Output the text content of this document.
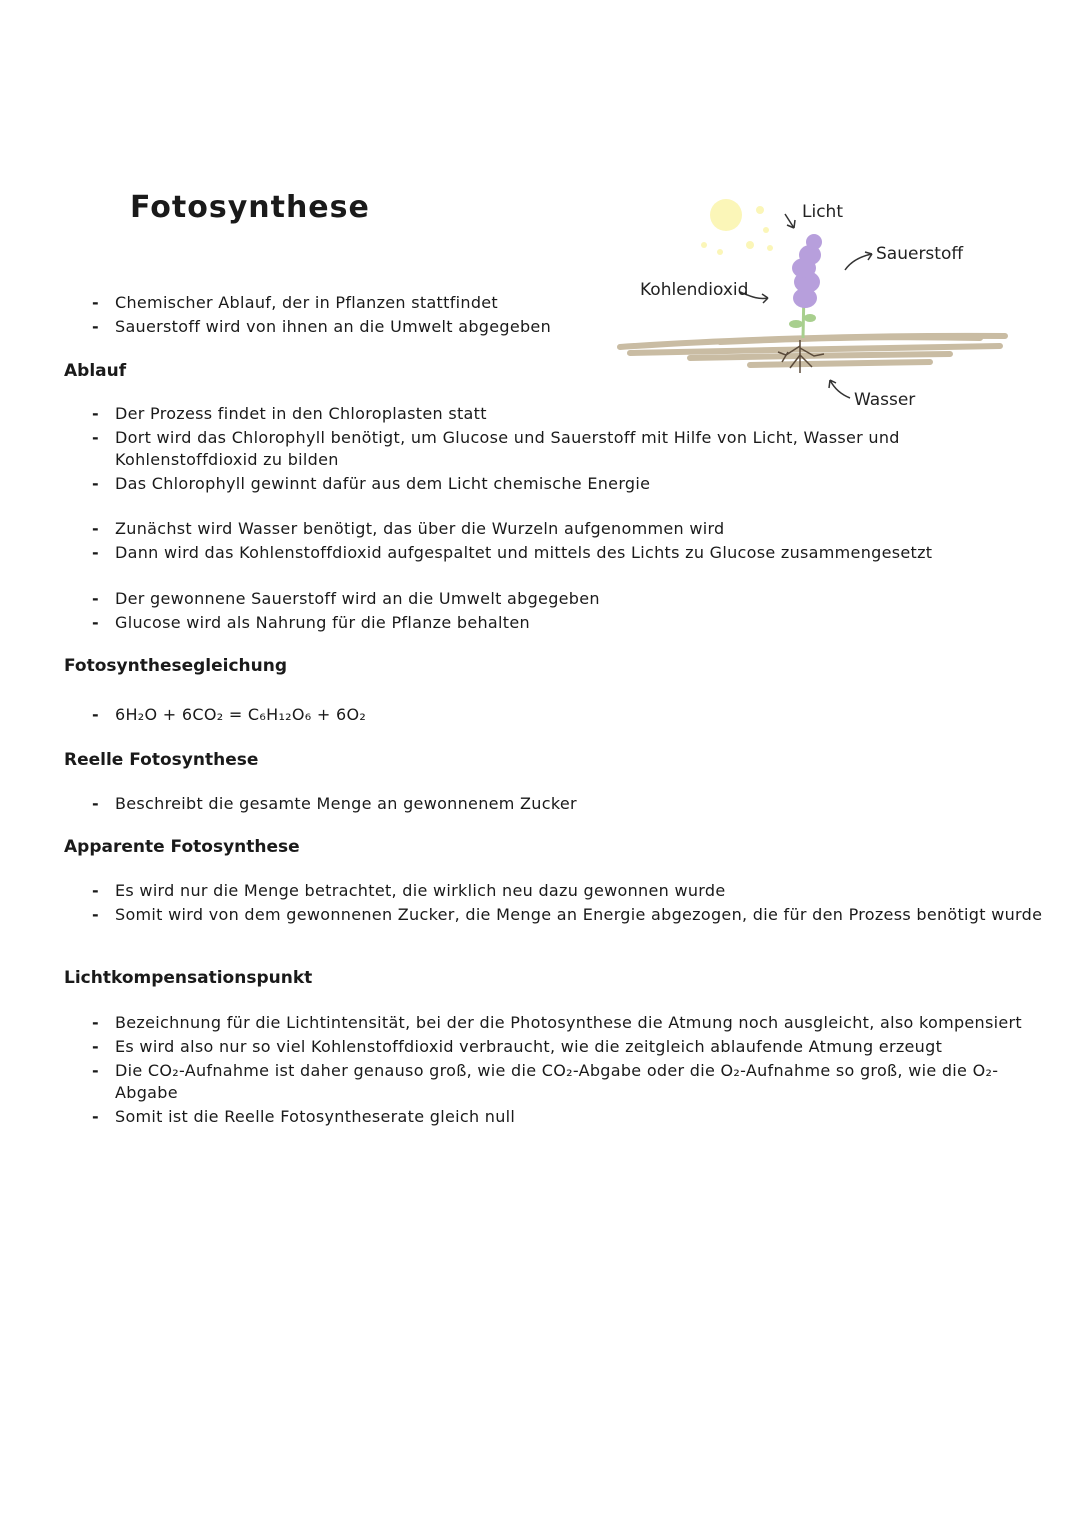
Fotosynthese	Licht
Sauerstoff
Kohlendioxid
Wasser
- Chemischer Ablauf, der in Pflanzen stattfindet
- Sauerstoff wird von ihnen an die Umwelt abgegeben
Ablauf
- Der Prozess findet in den Chloroplasten statt
- Dort wird das Chlorophyll benötigt, um Glucose und Sauerstoff mit Hilfe von Licht, Wasser und Kohlenstoffdioxid zu bilden
- Das Chlorophyll gewinnt dafür aus dem Licht chemische Energie
- Zunächst wird Wasser benötigt, das über die Wurzeln aufgenommen wird
- Dann wird das Kohlenstoffdioxid aufgespaltet und mittels des Lichts zu Glucose zusammengesetzt
- Der gewonnene Sauerstoff wird an die Umwelt abgegeben
- Glucose wird als Nahrung für die Pflanze behalten
Fotosynthesegleichung
- 6H₂O + 6CO₂ = C₆H₁₂O₆ + 6O₂
Reelle Fotosynthese
- Beschreibt die gesamte Menge an gewonnenem Zucker
Apparente Fotosynthese
- Es wird nur die Menge betrachtet, die wirklich neu dazu gewonnen wurde
- Somit wird von dem gewonnenen Zucker, die Menge an Energie abgezogen, die für den Prozess benötigt wurde
Lichtkompensationspunkt
- Bezeichnung für die Lichtintensität, bei der die Photosynthese die Atmung noch ausgleicht, also kompensiert
- Es wird also nur so viel Kohlenstoffdioxid verbraucht, wie die zeitgleich ablaufende Atmung erzeugt
- Die CO₂-Aufnahme ist daher genauso groß, wie die CO₂-Abgabe oder die O₂-Aufnahme so groß, wie die O₂-Abgabe
- Somit ist die Reelle Fotosyntheserate gleich null
